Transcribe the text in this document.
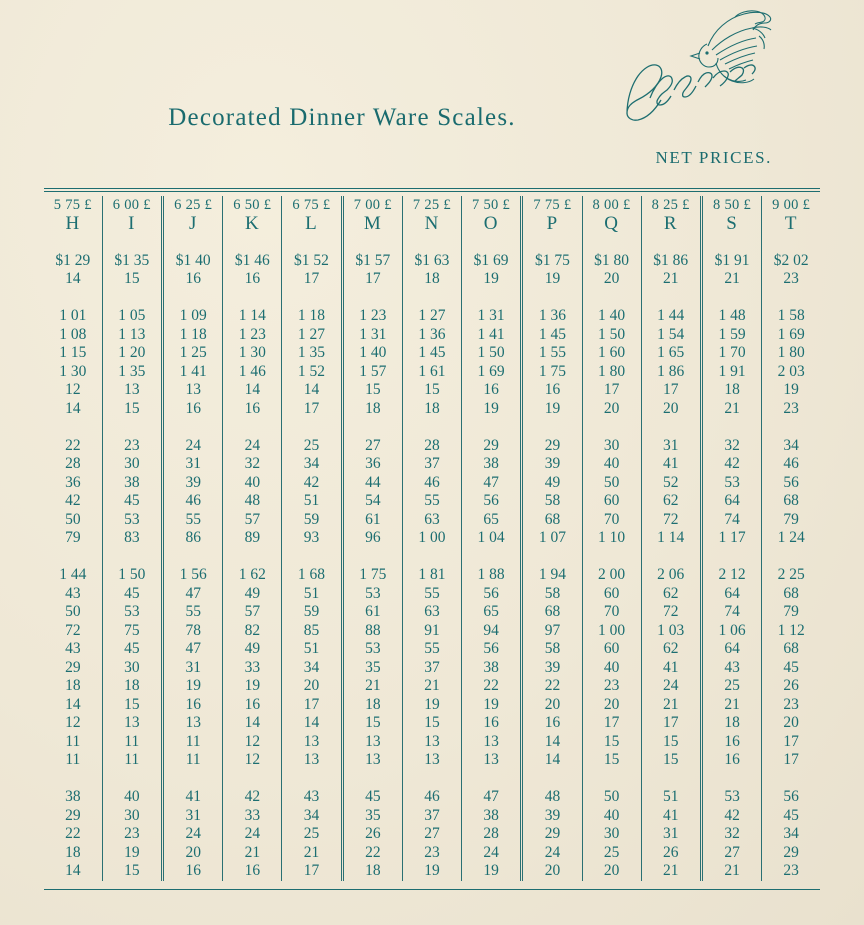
Decorated Dinner Ware Scales.
NET PRICES.
5 75 £	6 00 £	6 25 £	6 50 £	6 75 £	7 00 £	7 25 £	7 50 £	7 75 £	8 00 £	8 25 £	8 50 £	9 00 £
H	I	J	K	L	M	N	O	P	Q	R	S	T

$1 29	$1 35	$1 40	$1 46	$1 52	$1 57	$1 63	$1 69	$1 75	$1 80	$1 86	$1 91	$2 02
14	15	16	16	17	17	18	19	19	20	21	21	23

1 01	1 05	1 09	1 14	1 18	1 23	1 27	1 31	1 36	1 40	1 44	1 48	1 58
1 08	1 13	1 18	1 23	1 27	1 31	1 36	1 41	1 45	1 50	1 54	1 59	1 69
1 15	1 20	1 25	1 30	1 35	1 40	1 45	1 50	1 55	1 60	1 65	1 70	1 80
1 30	1 35	1 41	1 46	1 52	1 57	1 61	1 69	1 75	1 80	1 86	1 91	2 03
12	13	13	14	14	15	15	16	16	17	17	18	19
14	15	16	16	17	18	18	19	19	20	20	21	23

22	23	24	24	25	27	28	29	29	30	31	32	34
28	30	31	32	34	36	37	38	39	40	41	42	46
36	38	39	40	42	44	46	47	49	50	52	53	56
42	45	46	48	51	54	55	56	58	60	62	64	68
50	53	55	57	59	61	63	65	68	70	72	74	79
79	83	86	89	93	96	1 00	1 04	1 07	1 10	1 14	1 17	1 24

1 44	1 50	1 56	1 62	1 68	1 75	1 81	1 88	1 94	2 00	2 06	2 12	2 25
43	45	47	49	51	53	55	56	58	60	62	64	68
50	53	55	57	59	61	63	65	68	70	72	74	79
72	75	78	82	85	88	91	94	97	1 00	1 03	1 06	1 12
43	45	47	49	51	53	55	56	58	60	62	64	68
29	30	31	33	34	35	37	38	39	40	41	43	45
18	18	19	19	20	21	21	22	22	23	24	25	26
14	15	16	16	17	18	19	19	20	20	21	21	23
12	13	13	14	14	15	15	16	16	17	17	18	20
11	11	11	12	13	13	13	13	14	15	15	16	17
11	11	11	12	13	13	13	13	14	15	15	16	17

38	40	41	42	43	45	46	47	48	50	51	53	56
29	30	31	33	34	35	37	38	39	40	41	42	45
22	23	24	24	25	26	27	28	29	30	31	32	34
18	19	20	21	21	22	23	24	24	25	26	27	29
14	15	16	16	17	18	19	19	20	20	21	21	23
